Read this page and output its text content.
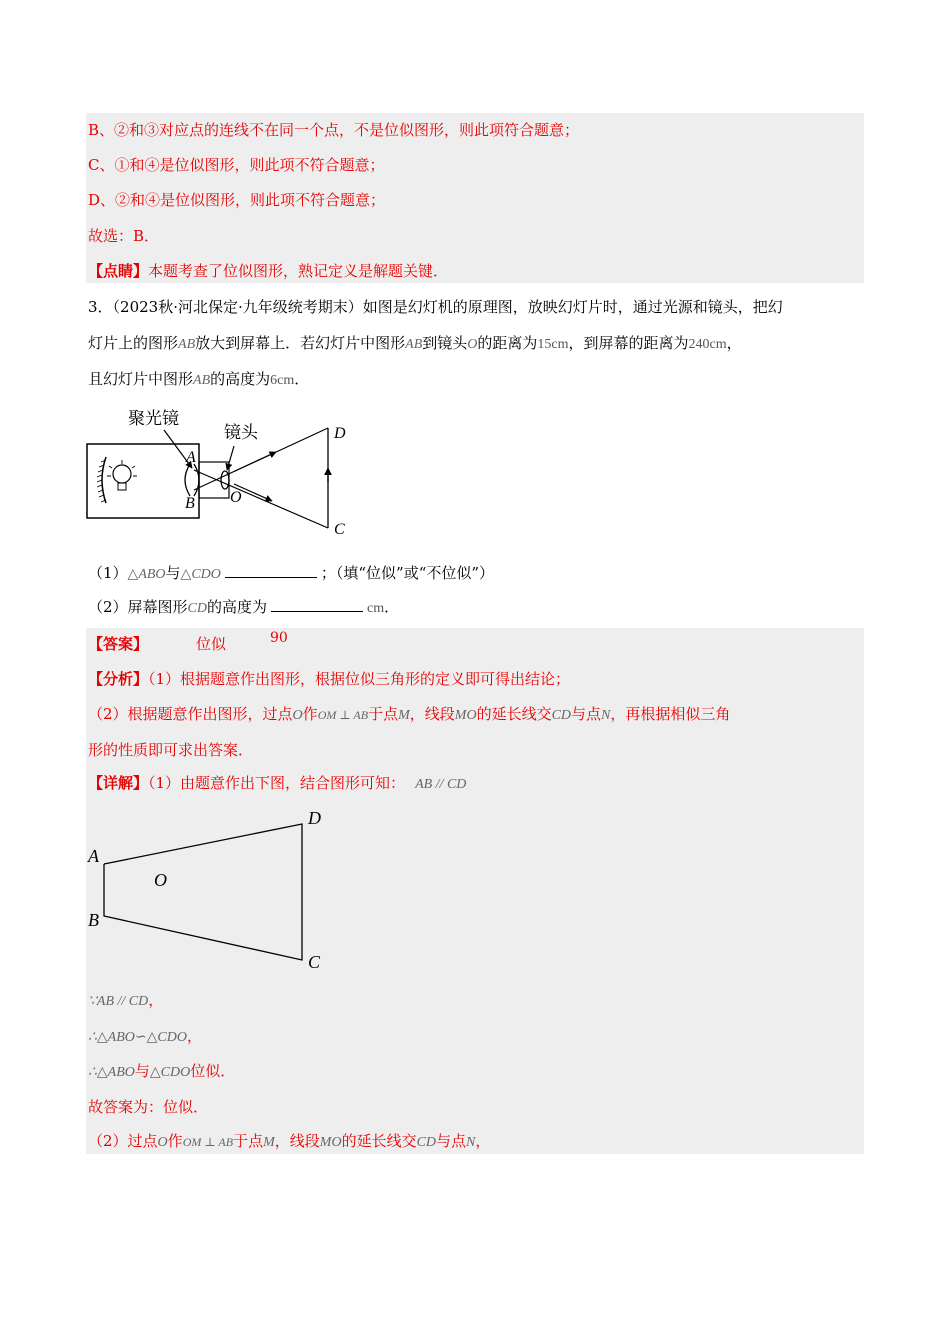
B、②和③对应点的连线不在同一个点，不是位似图形，则此项符合题意；
C、①和④是位似图形，则此项不符合题意；
D、②和④是位似图形，则此项不符合题意；
故选：B．
【点睛】本题考查了位似图形，熟记定义是解题关键．
3．（2023秋·河北保定·九年级统考期末）如图是幻灯机的原理图，放映幻灯片时，通过光源和镜头，把幻
灯片上的图形AB放大到屏幕上．若幻灯片中图形AB到镜头O的距离为15cm，到屏幕的距离为240cm，
且幻灯片中图形AB的高度为6cm．
聚光镜
镜头
A
B O
D
C
（1）△ABO与△CDO	；（填“位似”或“不位似”）
（2）屏幕图形CD的高度为	cm．
【答案】	位似	90
【分析】（1）根据题意作出图形，根据位似三角形的定义即可得出结论；
（2）根据题意作出图形，过点O作OM ⊥ AB于点M，线段MO的延长线交CD与点N，再根据相似三角
形的性质即可求出答案．
【详解】（1）由题意作出下图，结合图形可知： AB // CD
A
B
O
D
C
∵AB // CD，
∴△ABO∽△CDO，
∴△ABO与△CDO位似．
故答案为：位似．
（2）过点O作OM ⊥ AB于点M，线段MO的延长线交CD与点N，
